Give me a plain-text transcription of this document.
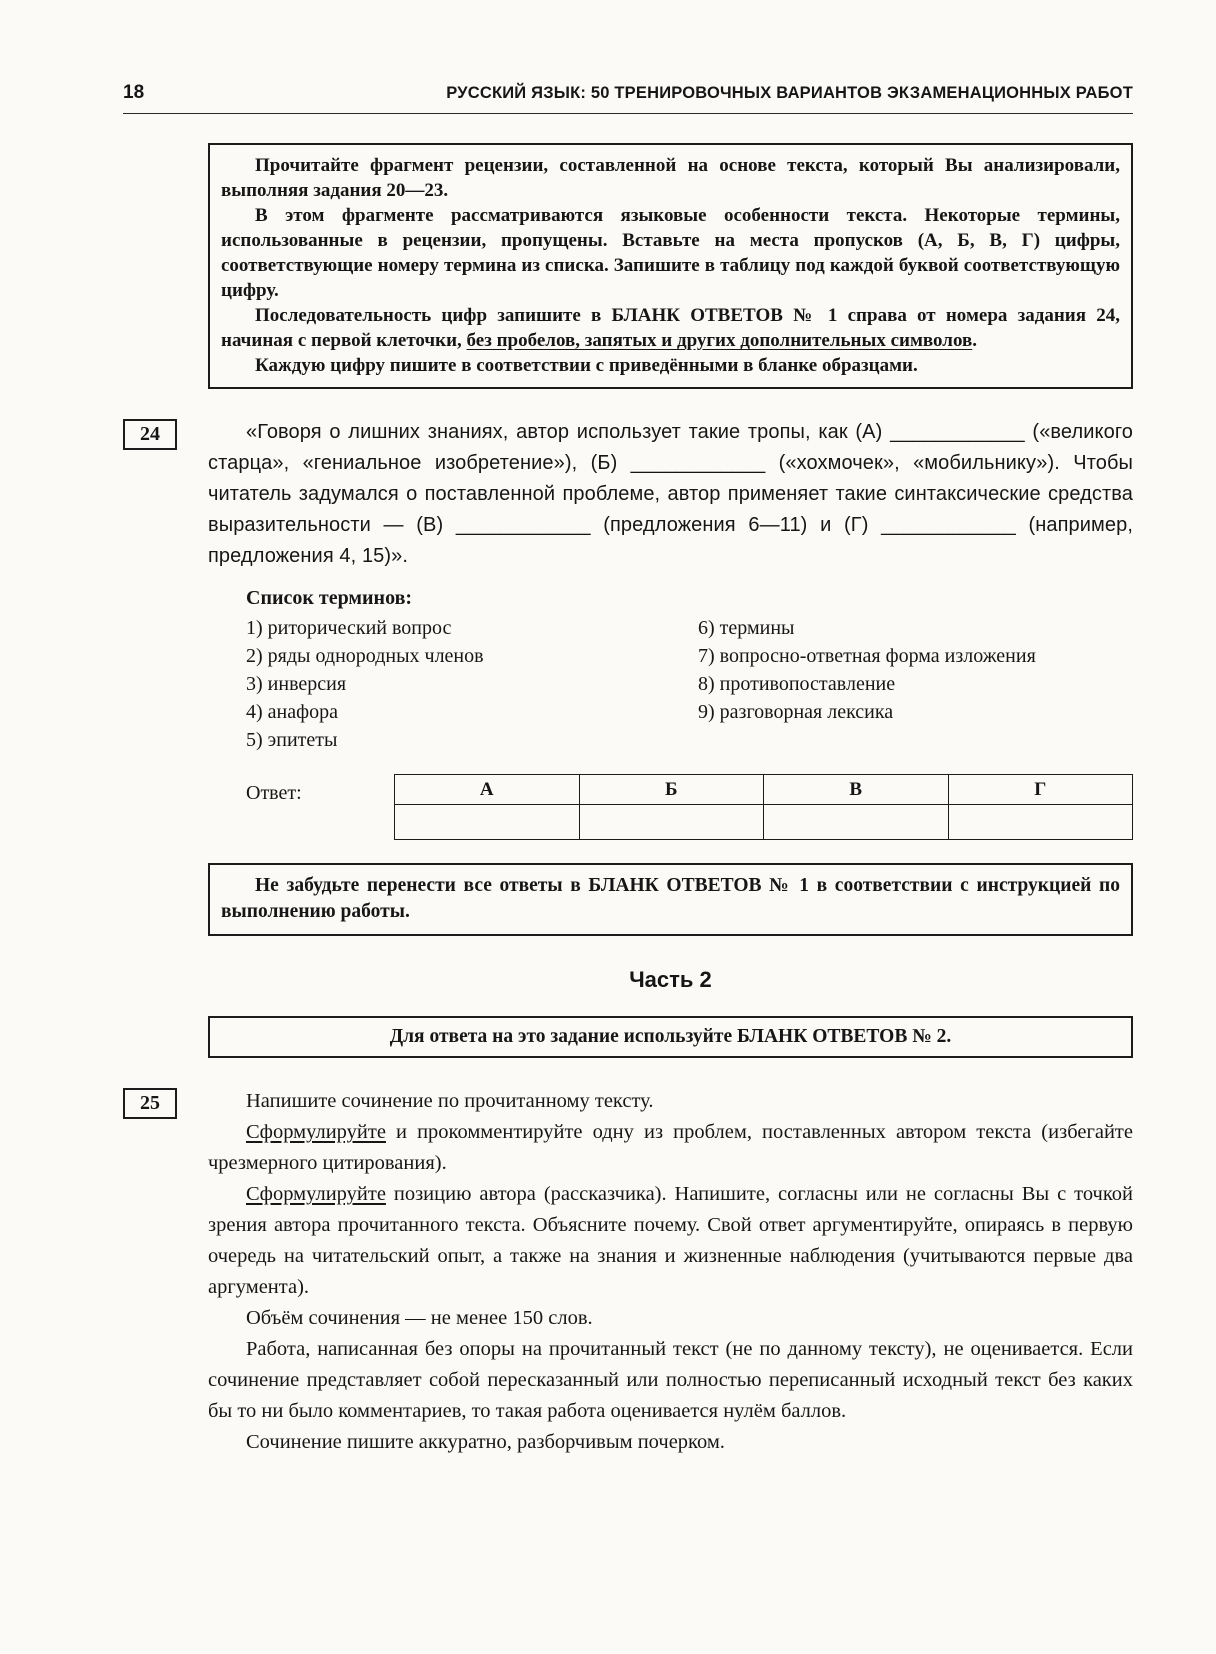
18	РУССКИЙ ЯЗЫК: 50 ТРЕНИРОВОЧНЫХ ВАРИАНТОВ ЭКЗАМЕНАЦИОННЫХ РАБОТ

Прочитайте фрагмент рецензии, составленной на основе текста, который Вы анализировали, выполняя задания 20—23.

В этом фрагменте рассматриваются языковые особенности текста. Некоторые термины, использованные в рецензии, пропущены. Вставьте на места пропусков (А, Б, В, Г) цифры, соответствующие номеру термина из списка. Запишите в таблицу под каждой буквой соответствующую цифру.

Последовательность цифр запишите в БЛАНК ОТВЕТОВ № 1 справа от номера задания 24, начиная с первой клеточки, без пробелов, запятых и других дополнительных символов.

Каждую цифру пишите в соответствии с приведёнными в бланке образцами.

24	«Говоря о лишних знаниях, автор использует такие тропы, как (А) ____________ («великого старца», «гениальное изобретение»), (Б) ____________ («хохмочек», «мобильнику»). Чтобы читатель задумался о поставленной проблеме, автор применяет такие синтаксические средства выразительности — (В) ____________ (предложения 6—11) и (Г) ____________ (например, предложения 4, 15)».

Список терминов:

1) риторический вопрос
2) ряды однородных членов
3) инверсия
4) анафора
5) эпитеты
6) термины
7) вопросно-ответная форма изложения
8) противопоставление
9) разговорная лексика
Ответ:	А	Б	В	Г

Не забудьте перенести все ответы в БЛАНК ОТВЕТОВ № 1 в соответствии с инструкцией по выполнению работы.

Часть 2

Для ответа на это задание используйте БЛАНК ОТВЕТОВ № 2.

25	Напишите сочинение по прочитанному тексту.

Сформулируйте и прокомментируйте одну из проблем, поставленных автором текста (избегайте чрезмерного цитирования).

Сформулируйте позицию автора (рассказчика). Напишите, согласны или не согласны Вы с точкой зрения автора прочитанного текста. Объясните почему. Свой ответ аргументируйте, опираясь в первую очередь на читательский опыт, а также на знания и жизненные наблюдения (учитываются первые два аргумента).

Объём сочинения — не менее 150 слов.

Работа, написанная без опоры на прочитанный текст (не по данному тексту), не оценивается. Если сочинение представляет собой пересказанный или полностью переписанный исходный текст без каких бы то ни было комментариев, то такая работа оценивается нулём баллов.

Сочинение пишите аккуратно, разборчивым почерком.
